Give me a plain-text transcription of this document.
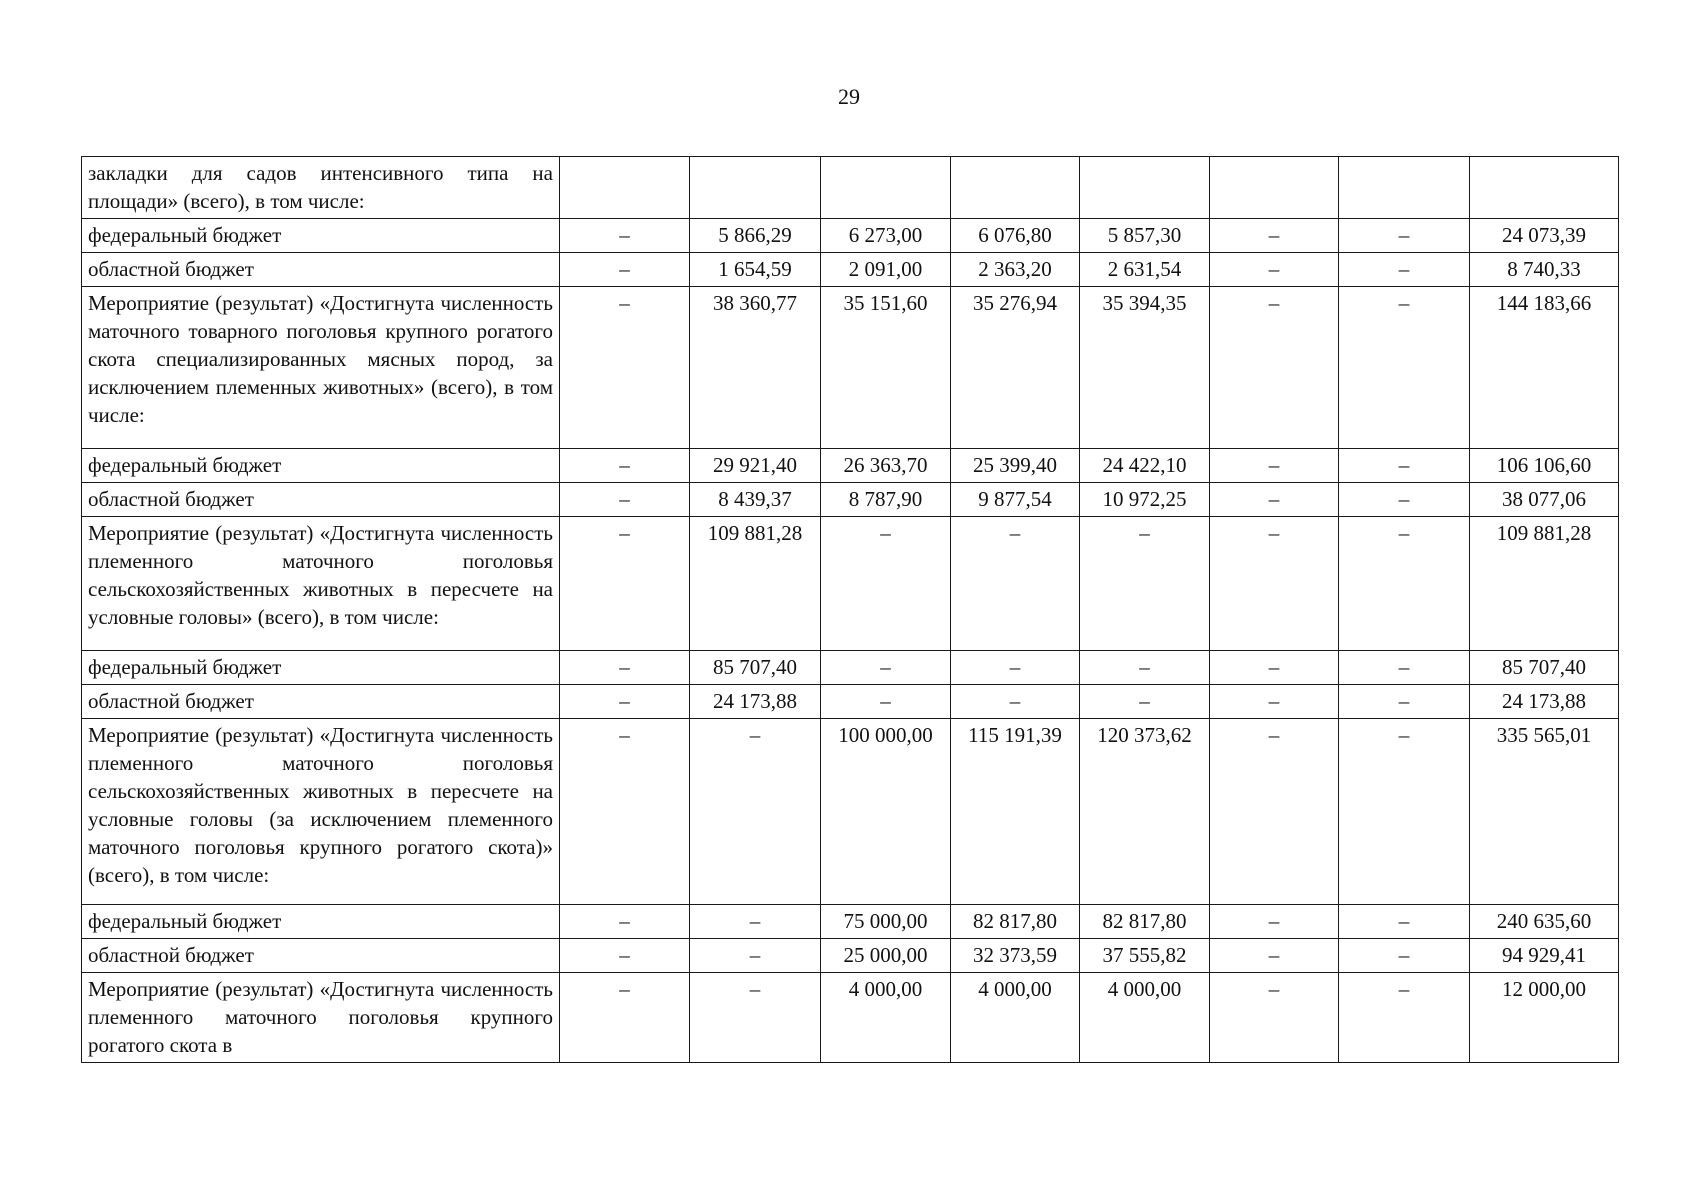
29
закладки для садов интенсивного типа на площади» (всего), в том числе:								
федеральный бюджет	–	5 866,29	6 273,00	6 076,80	5 857,30	–	–	24 073,39
областной бюджет	–	1 654,59	2 091,00	2 363,20	2 631,54	–	–	8 740,33
Мероприятие (результат) «Достигнута численность маточного товарного поголовья крупного рогатого скота специализированных мясных пород, за исключением племенных животных» (всего), в том числе:	–	38 360,77	35 151,60	35 276,94	35 394,35	–	–	144 183,66
федеральный бюджет	–	29 921,40	26 363,70	25 399,40	24 422,10	–	–	106 106,60
областной бюджет	–	8 439,37	8 787,90	9 877,54	10 972,25	–	–	38 077,06
Мероприятие (результат) «Достигнута численность племенного маточного поголовья сельскохозяйственных животных в пересчете на условные головы» (всего), в том числе:	–	109 881,28	–	–	–	–	–	109 881,28
федеральный бюджет	–	85 707,40	–	–	–	–	–	85 707,40
областной бюджет	–	24 173,88	–	–	–	–	–	24 173,88
Мероприятие (результат) «Достигнута численность племенного маточного поголовья сельскохозяйственных животных в пересчете на условные головы (за исключением племенного маточного поголовья крупного рогатого скота)» (всего), в том числе:	–	–	100 000,00	115 191,39	120 373,62	–	–	335 565,01
федеральный бюджет	–	–	75 000,00	82 817,80	82 817,80	–	–	240 635,60
областной бюджет	–	–	25 000,00	32 373,59	37 555,82	–	–	94 929,41
Мероприятие (результат) «Достигнута численность племенного маточного поголовья крупного рогатого скота в	–	–	4 000,00	4 000,00	4 000,00	–	–	12 000,00
